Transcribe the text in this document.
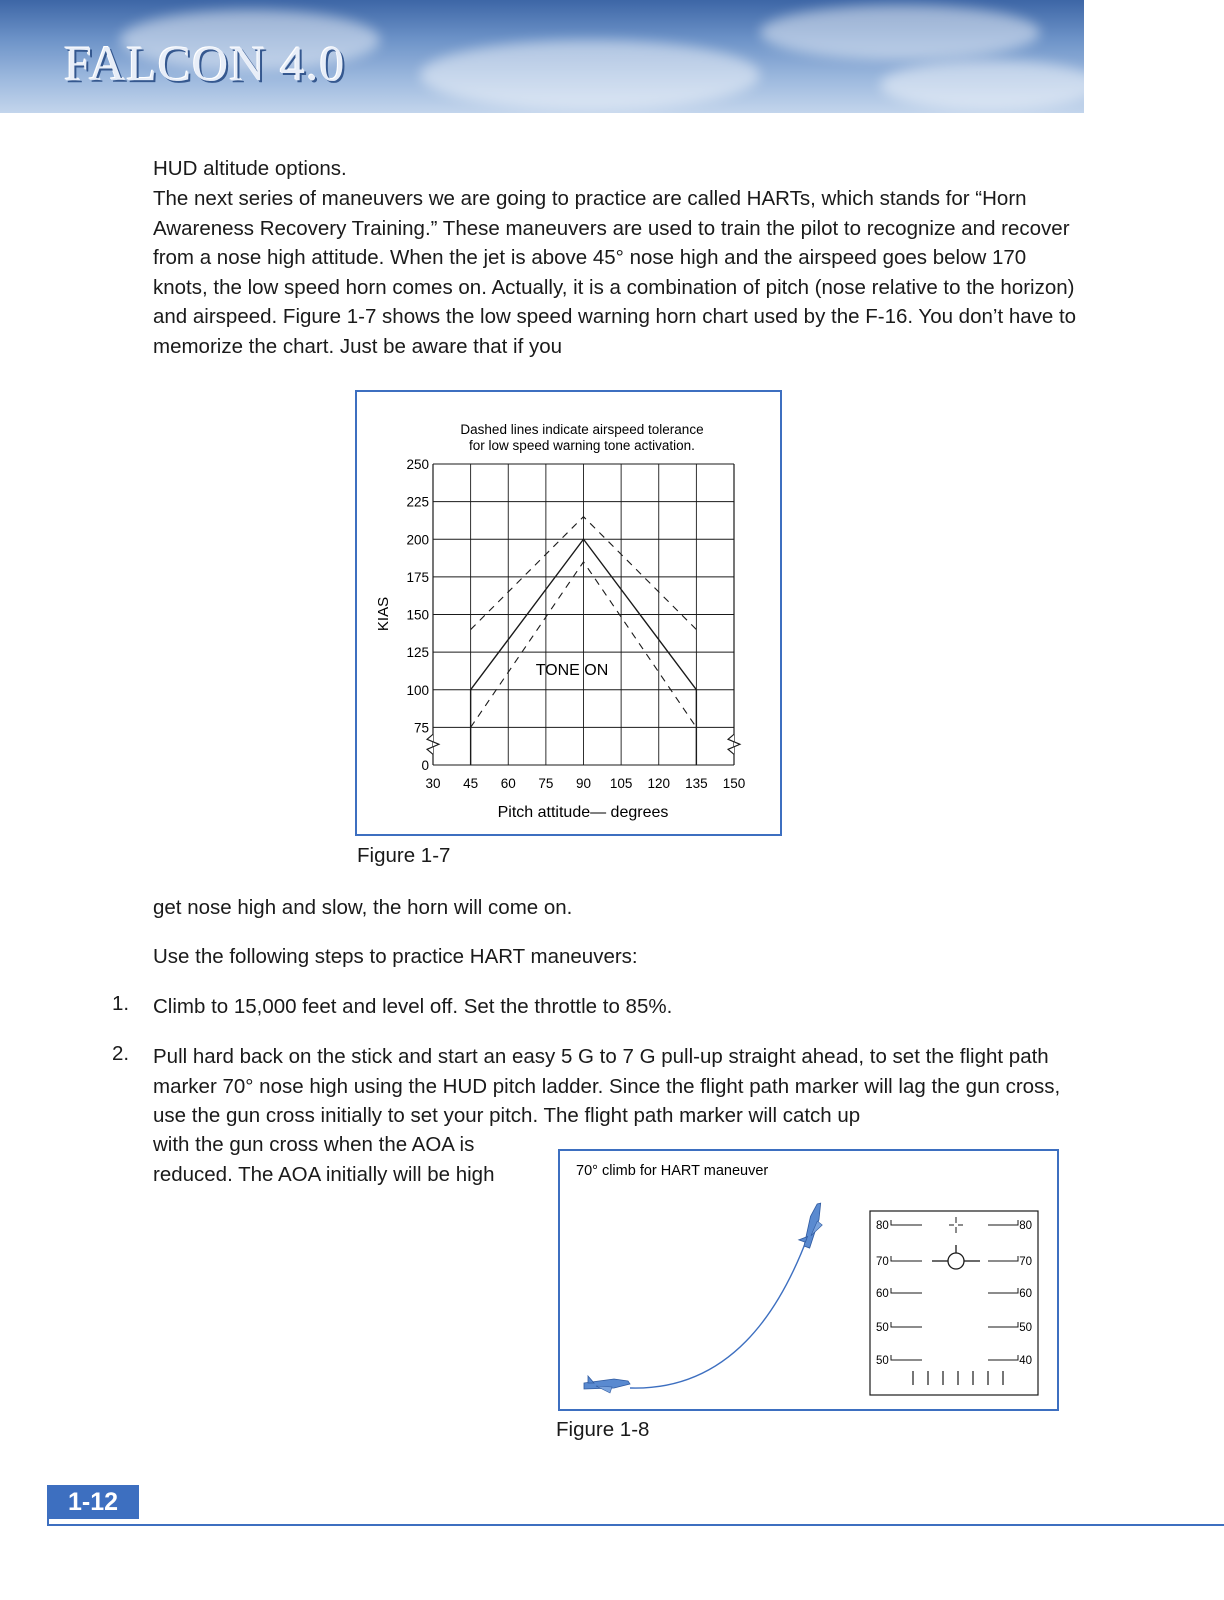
FALCON 4.0

HUD altitude options.

The next series of maneuvers we are going to practice are called HARTs, which stands for “Horn Awareness Recovery Training.” These maneuvers are used to train the pilot to recognize and recover from a nose high attitude. When the jet is above 45° nose high and the airspeed goes below 170 knots, the low speed horn comes on. Actually, it is a combination of pitch (nose relative to the horizon) and airspeed. Figure 1-7 shows the low speed warning horn chart used by the F-16. You don’t have to memorize the chart. Just be aware that if you

Dashed lines indicate airspeed tolerance
for low speed warning tone activation.
KIAS
Pitch attitude— degrees
TONE ON
30 45 60 75 90 105 120 135 150
0
75
100
125
150
175
200
225
250
Figure 1-7

get nose high and slow, the horn will come on.

Use the following steps to practice HART maneuvers:

1. Climb to 15,000 feet and level off. Set the throttle to 85%.

2. Pull hard back on the stick and start an easy 5 G to 7 G pull-up straight ahead, to set the flight path marker 70° nose high using the HUD pitch ladder. Since the flight path marker will lag the gun cross, use the gun cross initially to set your pitch. The flight path marker will catch up

with the gun cross when the AOA is reduced. The AOA initially will be high	70° climb for HART maneuver
80	80
70	70
60	60
50	50
50	40
Figure 1-8
1-12
